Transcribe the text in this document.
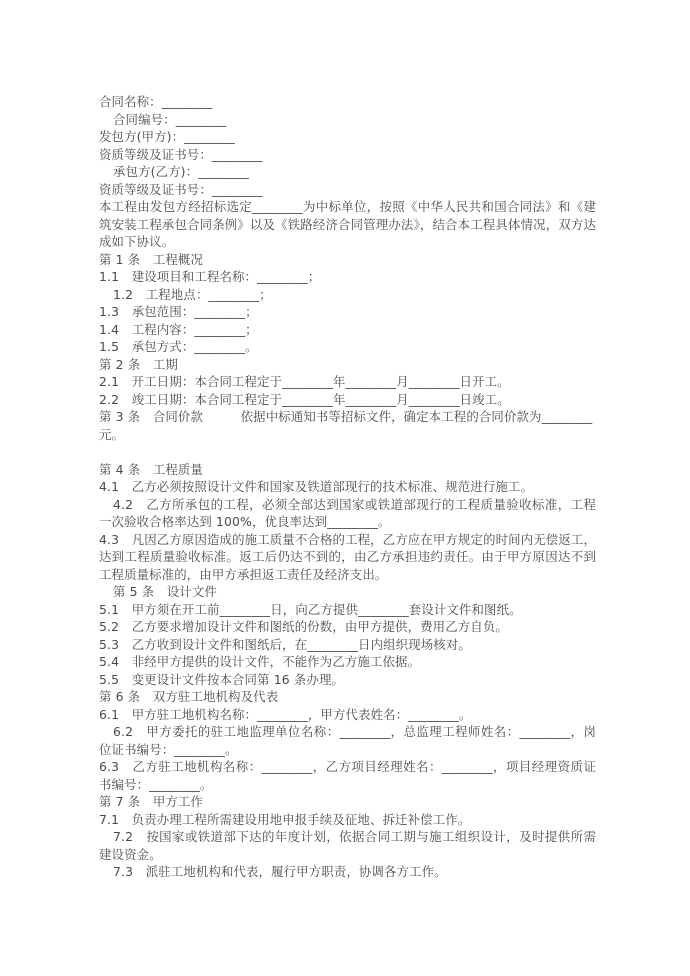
合同名称：________
合同编号：________
发包方(甲方)：________
资质等级及证书号：________
承包方(乙方)：________
资质等级及证书号：________
本工程由发包方经招标选定________为中标单位，按照《中华人民共和国合同法》和《建筑安装工程承包合同条例》以及《铁路经济合同管理办法》，结合本工程具体情况，双方达成如下协议。
第 1 条　工程概况
1.1　建设项目和工程名称：________；
1.2　工程地点：________；
1.3　承包范围：________；
1.4　工程内容：________；
1.5　承包方式：________。
第 2 条　工期
2.1　开工日期：本合同工程定于________年________月________日开工。
2.2　竣工日期：本合同工程定于________年________月________日竣工。
第 3 条　合同价款　　　依据中标通知书等招标文件，确定本工程的合同价款为________元。
第 4 条　工程质量
4.1　乙方必须按照设计文件和国家及铁道部现行的技术标准、规范进行施工。
4.2　乙方所承包的工程，必须全部达到国家或铁道部现行的工程质量验收标准，工程一次验收合格率达到 100%，优良率达到________。
4.3　凡因乙方原因造成的施工质量不合格的工程，乙方应在甲方规定的时间内无偿返工，达到工程质量验收标准。返工后仍达不到的，由乙方承担违约责任。由于甲方原因达不到工程质量标准的，由甲方承担返工责任及经济支出。
第 5 条　设计文件
5.1　甲方须在开工前________日，向乙方提供________套设计文件和图纸。
5.2　乙方要求增加设计文件和图纸的份数，由甲方提供，费用乙方自负。
5.3　乙方收到设计文件和图纸后，在________日内组织现场核对。
5.4　非经甲方提供的设计文件，不能作为乙方施工依据。
5.5　变更设计文件按本合同第 16 条办理。
第 6 条　双方驻工地机构及代表
6.1　甲方驻工地机构名称：________，甲方代表姓名：________。
6.2　甲方委托的驻工地监理单位名称：________，总监理工程师姓名：________，岗位证书编号：________。
6.3　乙方驻工地机构名称：________，乙方项目经理姓名：________，项目经理资质证书编号：________。
第 7 条　甲方工作
7.1　负责办理工程所需建设用地申报手续及征地、拆迁补偿工作。
7.2　按国家或铁道部下达的年度计划，依据合同工期与施工组织设计，及时提供所需建设资金。
7.3　派驻工地机构和代表，履行甲方职责，协调各方工作。
